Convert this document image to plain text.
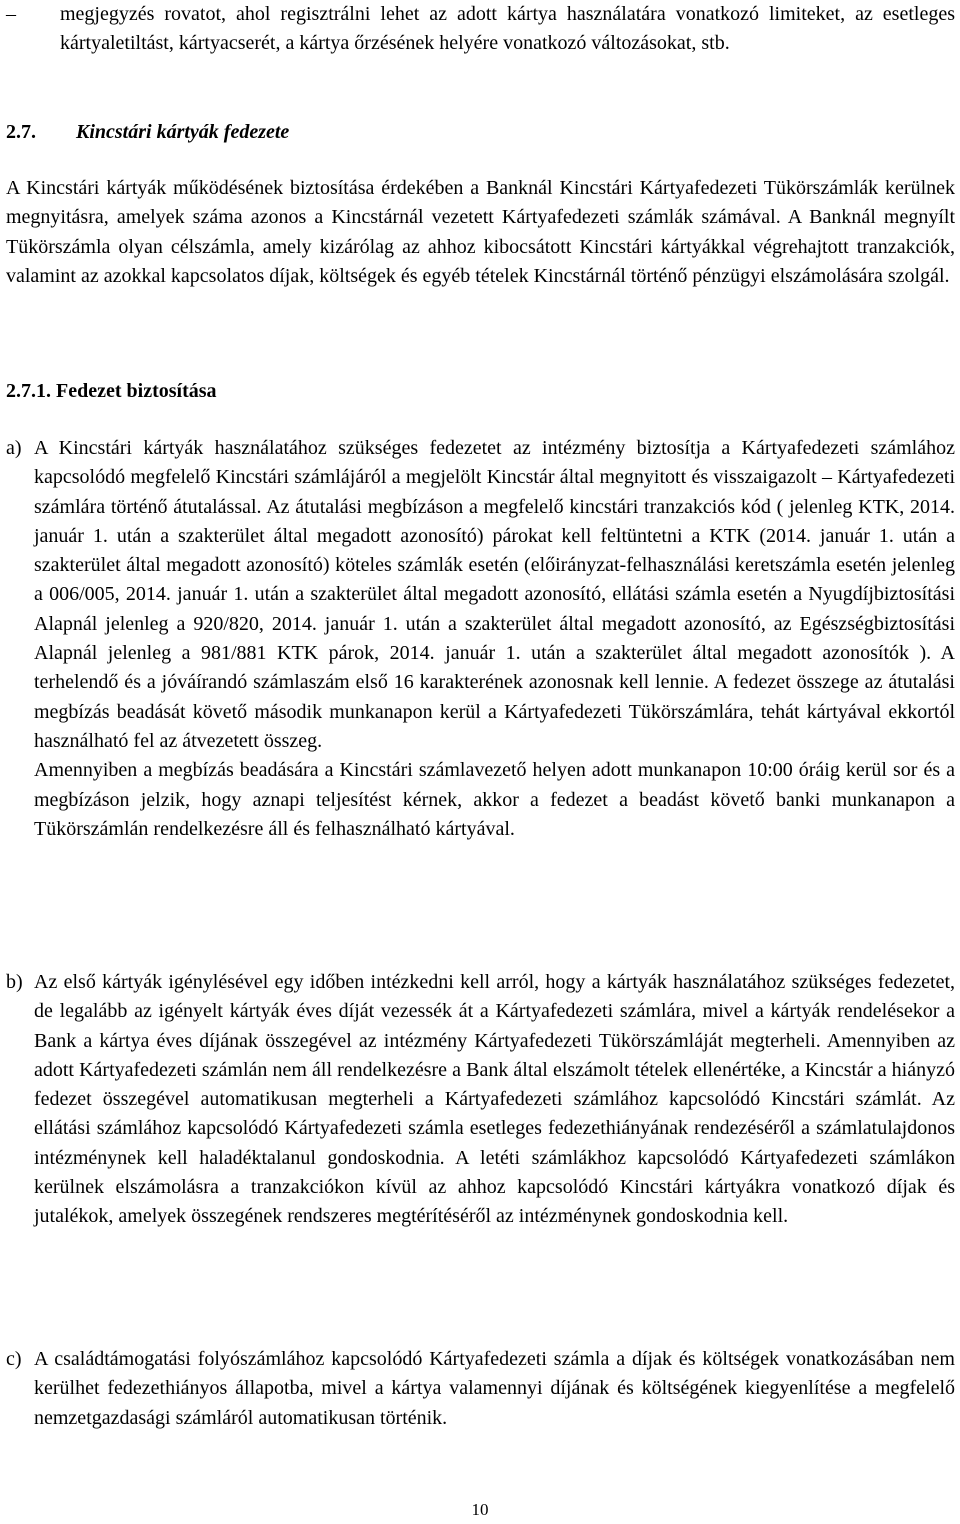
– megjegyzés rovatot, ahol regisztrálni lehet az adott kártya használatára vonatkozó limiteket, az esetleges kártyaletiltást, kártyacserét, a kártya őrzésének helyére vonatkozó változásokat, stb.

2.7. Kincstári kártyák fedezete

A Kincstári kártyák működésének biztosítása érdekében a Banknál Kincstári Kártyafedezeti Tükörszámlák kerülnek megnyitásra, amelyek száma azonos a Kincstárnál vezetett Kártyafedezeti számlák számával. A Banknál megnyílt Tükörszámla olyan célszámla, amely kizárólag az ahhoz kibocsátott Kincstári kártyákkal végrehajtott tranzakciók, valamint az azokkal kapcsolatos díjak, költségek és egyéb tételek Kincstárnál történő pénzügyi elszámolására szolgál.

2.7.1. Fedezet biztosítása
a) A Kincstári kártyák használatához szükséges fedezetet az intézmény biztosítja a Kártyafedezeti számlához kapcsolódó megfelelő Kincstári számlájáról a megjelölt Kincstár által megnyitott és visszaigazolt – Kártyafedezeti számlára történő átutalással. Az átutalási megbízáson a megfelelő kincstári tranzakciós kód ( jelenleg KTK, 2014. január 1. után a szakterület által megadott azonosító) párokat kell feltüntetni a KTK (2014. január 1. után a szakterület által megadott azonosító) köteles számlák esetén (előirányzat-felhasználási keretszámla esetén jelenleg a 006/005, 2014. január 1. után a szakterület által megadott azonosító, ellátási számla esetén a Nyugdíjbiztosítási Alapnál jelenleg a 920/820, 2014. január 1. után a szakterület által megadott azonosító, az Egészségbiztosítási Alapnál jelenleg a 981/881 KTK párok, 2014. január 1. után a szakterület által megadott azonosítók ). A terhelendő és a jóváírandó számlaszám első 16 karakterének azonosnak kell lennie. A fedezet összege az átutalási megbízás beadását követő második munkanapon kerül a Kártyafedezeti Tükörszámlára, tehát kártyával ekkortól használható fel az átvezetett összeg.

Amennyiben a megbízás beadására a Kincstári számlavezető helyen adott munkanapon 10:00 óráig kerül sor és a megbízáson jelzik, hogy aznapi teljesítést kérnek, akkor a fedezet a beadást követő banki munkanapon a Tükörszámlán rendelkezésre áll és felhasználható kártyával.

b) Az első kártyák igénylésével egy időben intézkedni kell arról, hogy a kártyák használatához szükséges fedezetet, de legalább az igényelt kártyák éves díját vezessék át a Kártyafedezeti számlára, mivel a kártyák rendelésekor a Bank a kártya éves díjának összegével az intézmény Kártyafedezeti Tükörszámláját megterheli. Amennyiben az adott Kártyafedezeti számlán nem áll rendelkezésre a Bank által elszámolt tételek ellenértéke, a Kincstár a hiányzó fedezet összegével automatikusan megterheli a Kártyafedezeti számlához kapcsolódó Kincstári számlát. Az ellátási számlához kapcsolódó Kártyafedezeti számla esetleges fedezethiányának rendezéséről a számlatulajdonos intézménynek kell haladéktalanul gondoskodnia. A letéti számlákhoz kapcsolódó Kártyafedezeti számlákon kerülnek elszámolásra a tranzakciókon kívül az ahhoz kapcsolódó Kincstári kártyákra vonatkozó díjak és jutalékok, amelyek összegének rendszeres megtérítéséről az intézménynek gondoskodnia kell.

c) A családtámogatási folyószámlához kapcsolódó Kártyafedezeti számla a díjak és költségek vonatkozásában nem kerülhet fedezethiányos állapotba, mivel a kártya valamennyi díjának és költségének kiegyenlítése a megfelelő nemzetgazdasági számláról automatikusan történik.

10
